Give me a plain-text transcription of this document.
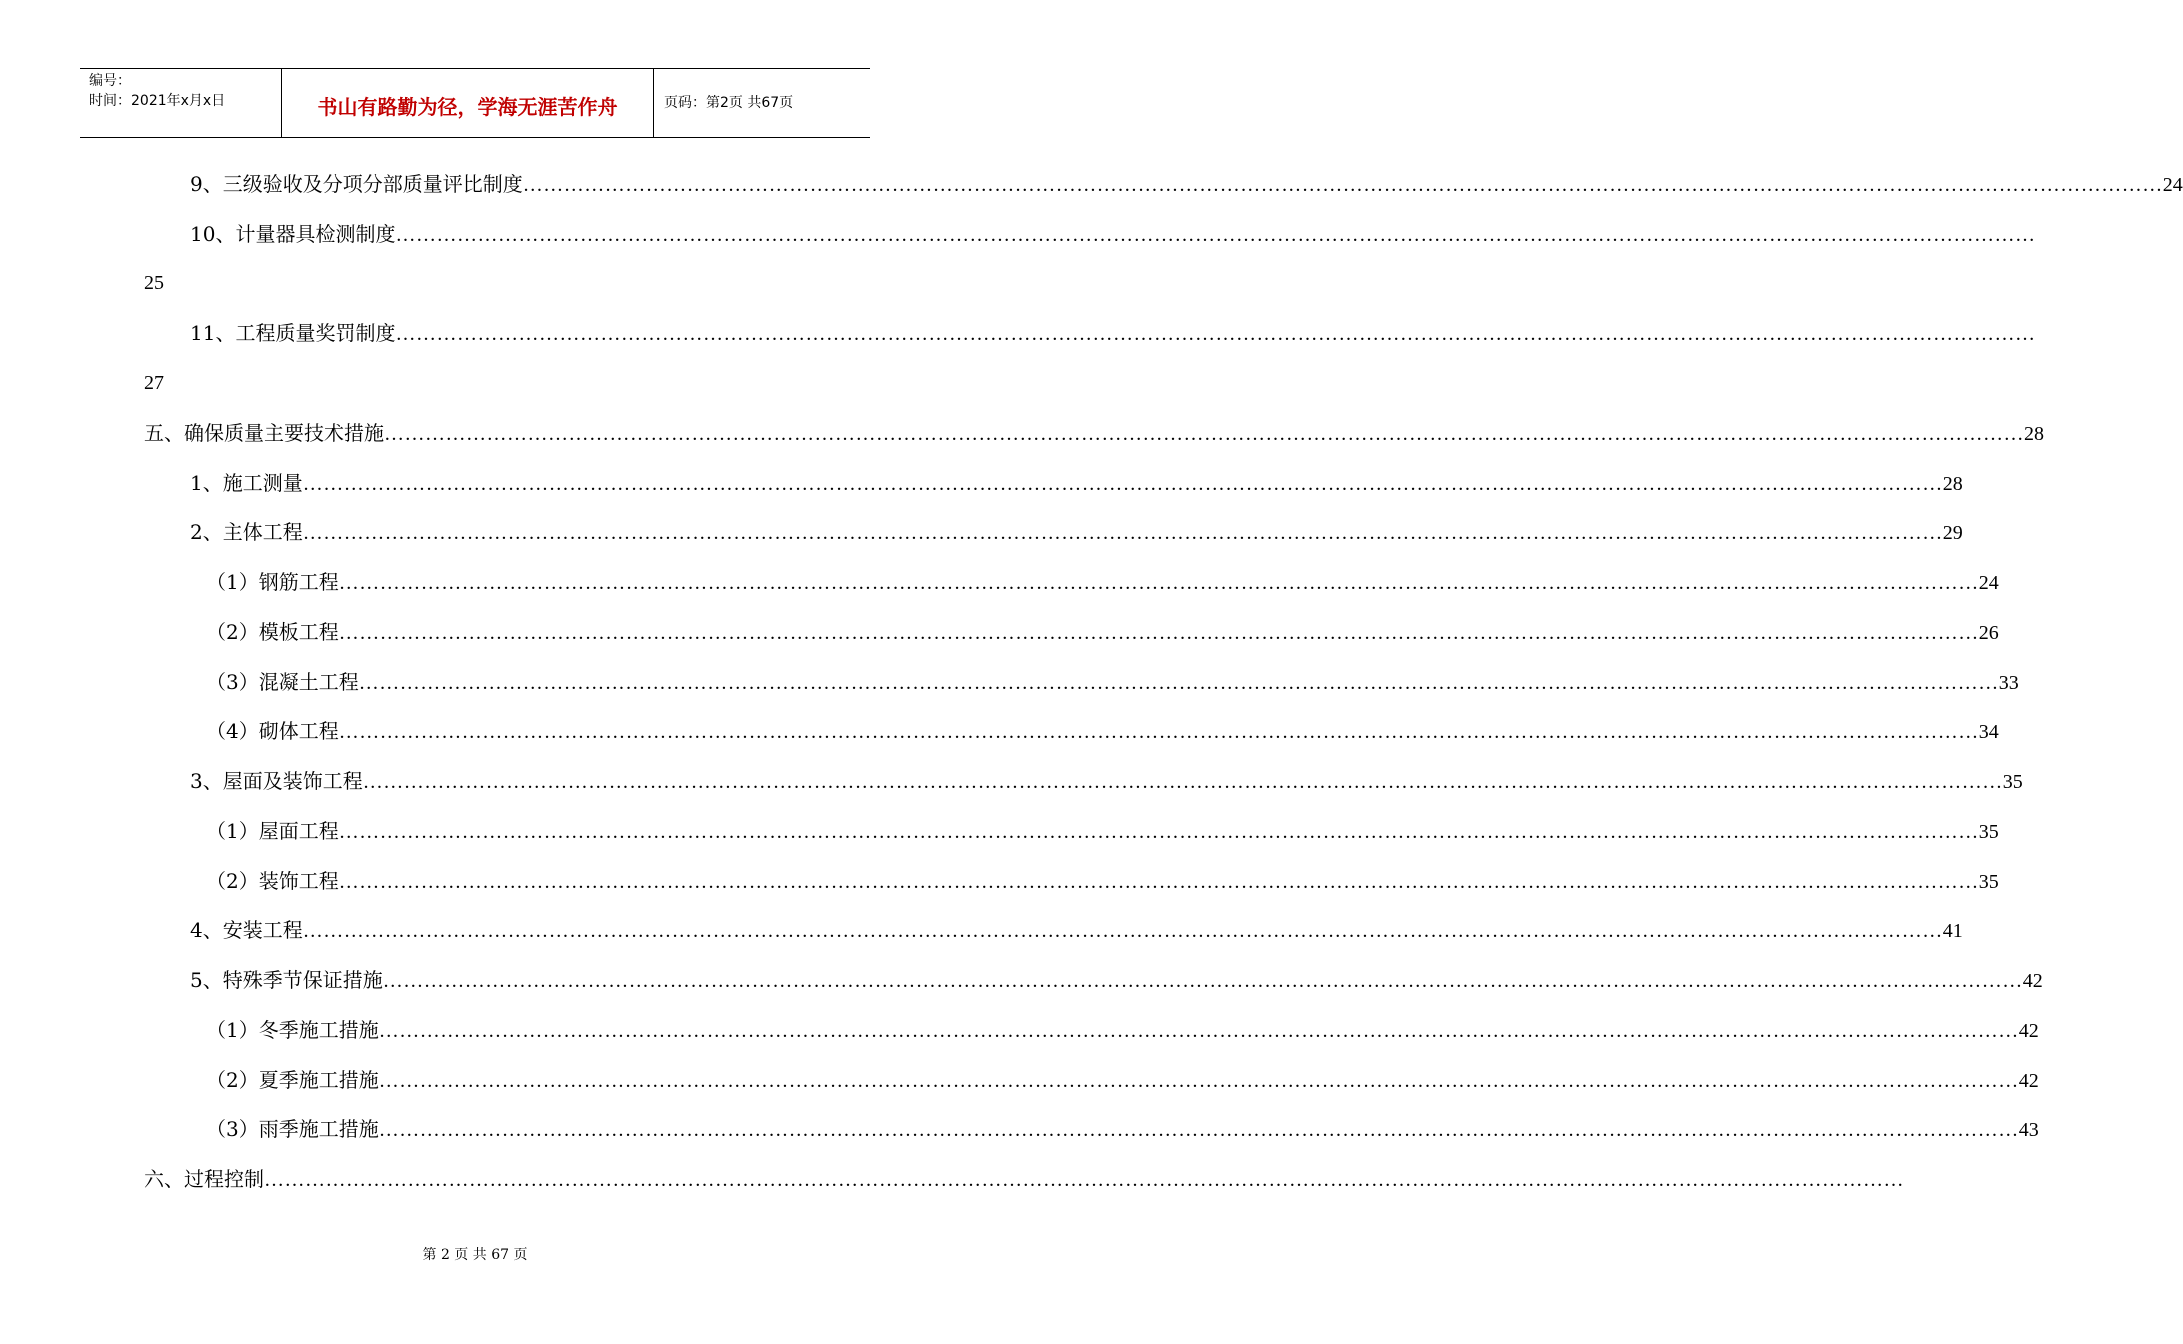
编号：
时间：2021年x月x日	书山有路勤为径，学海无涯苦作舟	页码：第2页 共67页
9、三级验收及分项分部质量评比制度 …………………………………………………………………………………………………………………………………………………………………………………………………………………… 24
10、计量器具检测制度 ……………………………………………………………………………………………………………………………………………………………………………………………………………………
25
11、工程质量奖罚制度 ……………………………………………………………………………………………………………………………………………………………………………………………………………………
27
五、确保质量主要技术措施 …………………………………………………………………………………………………………………………………………………………………………………………………………………… 28
1、施工测量 …………………………………………………………………………………………………………………………………………………………………………………………………………………… 28
2、主体工程 …………………………………………………………………………………………………………………………………………………………………………………………………………………… 29
（1）钢筋工程 …………………………………………………………………………………………………………………………………………………………………………………………………………………… 24
（2）模板工程 …………………………………………………………………………………………………………………………………………………………………………………………………………………… 26
（3）混凝土工程 …………………………………………………………………………………………………………………………………………………………………………………………………………………… 33
（4）砌体工程 …………………………………………………………………………………………………………………………………………………………………………………………………………………… 34
3、屋面及装饰工程 …………………………………………………………………………………………………………………………………………………………………………………………………………………… 35
（1）屋面工程 …………………………………………………………………………………………………………………………………………………………………………………………………………………… 35
（2）装饰工程 …………………………………………………………………………………………………………………………………………………………………………………………………………………… 35
4、安装工程 …………………………………………………………………………………………………………………………………………………………………………………………………………………… 41
5、特殊季节保证措施 …………………………………………………………………………………………………………………………………………………………………………………………………………………… 42
（1）冬季施工措施 …………………………………………………………………………………………………………………………………………………………………………………………………………………… 42
（2）夏季施工措施 …………………………………………………………………………………………………………………………………………………………………………………………………………………… 42
（3）雨季施工措施 …………………………………………………………………………………………………………………………………………………………………………………………………………………… 43
六、过程控制 ……………………………………………………………………………………………………………………………………………………………………………………………………………………
第 2 页 共 67 页
